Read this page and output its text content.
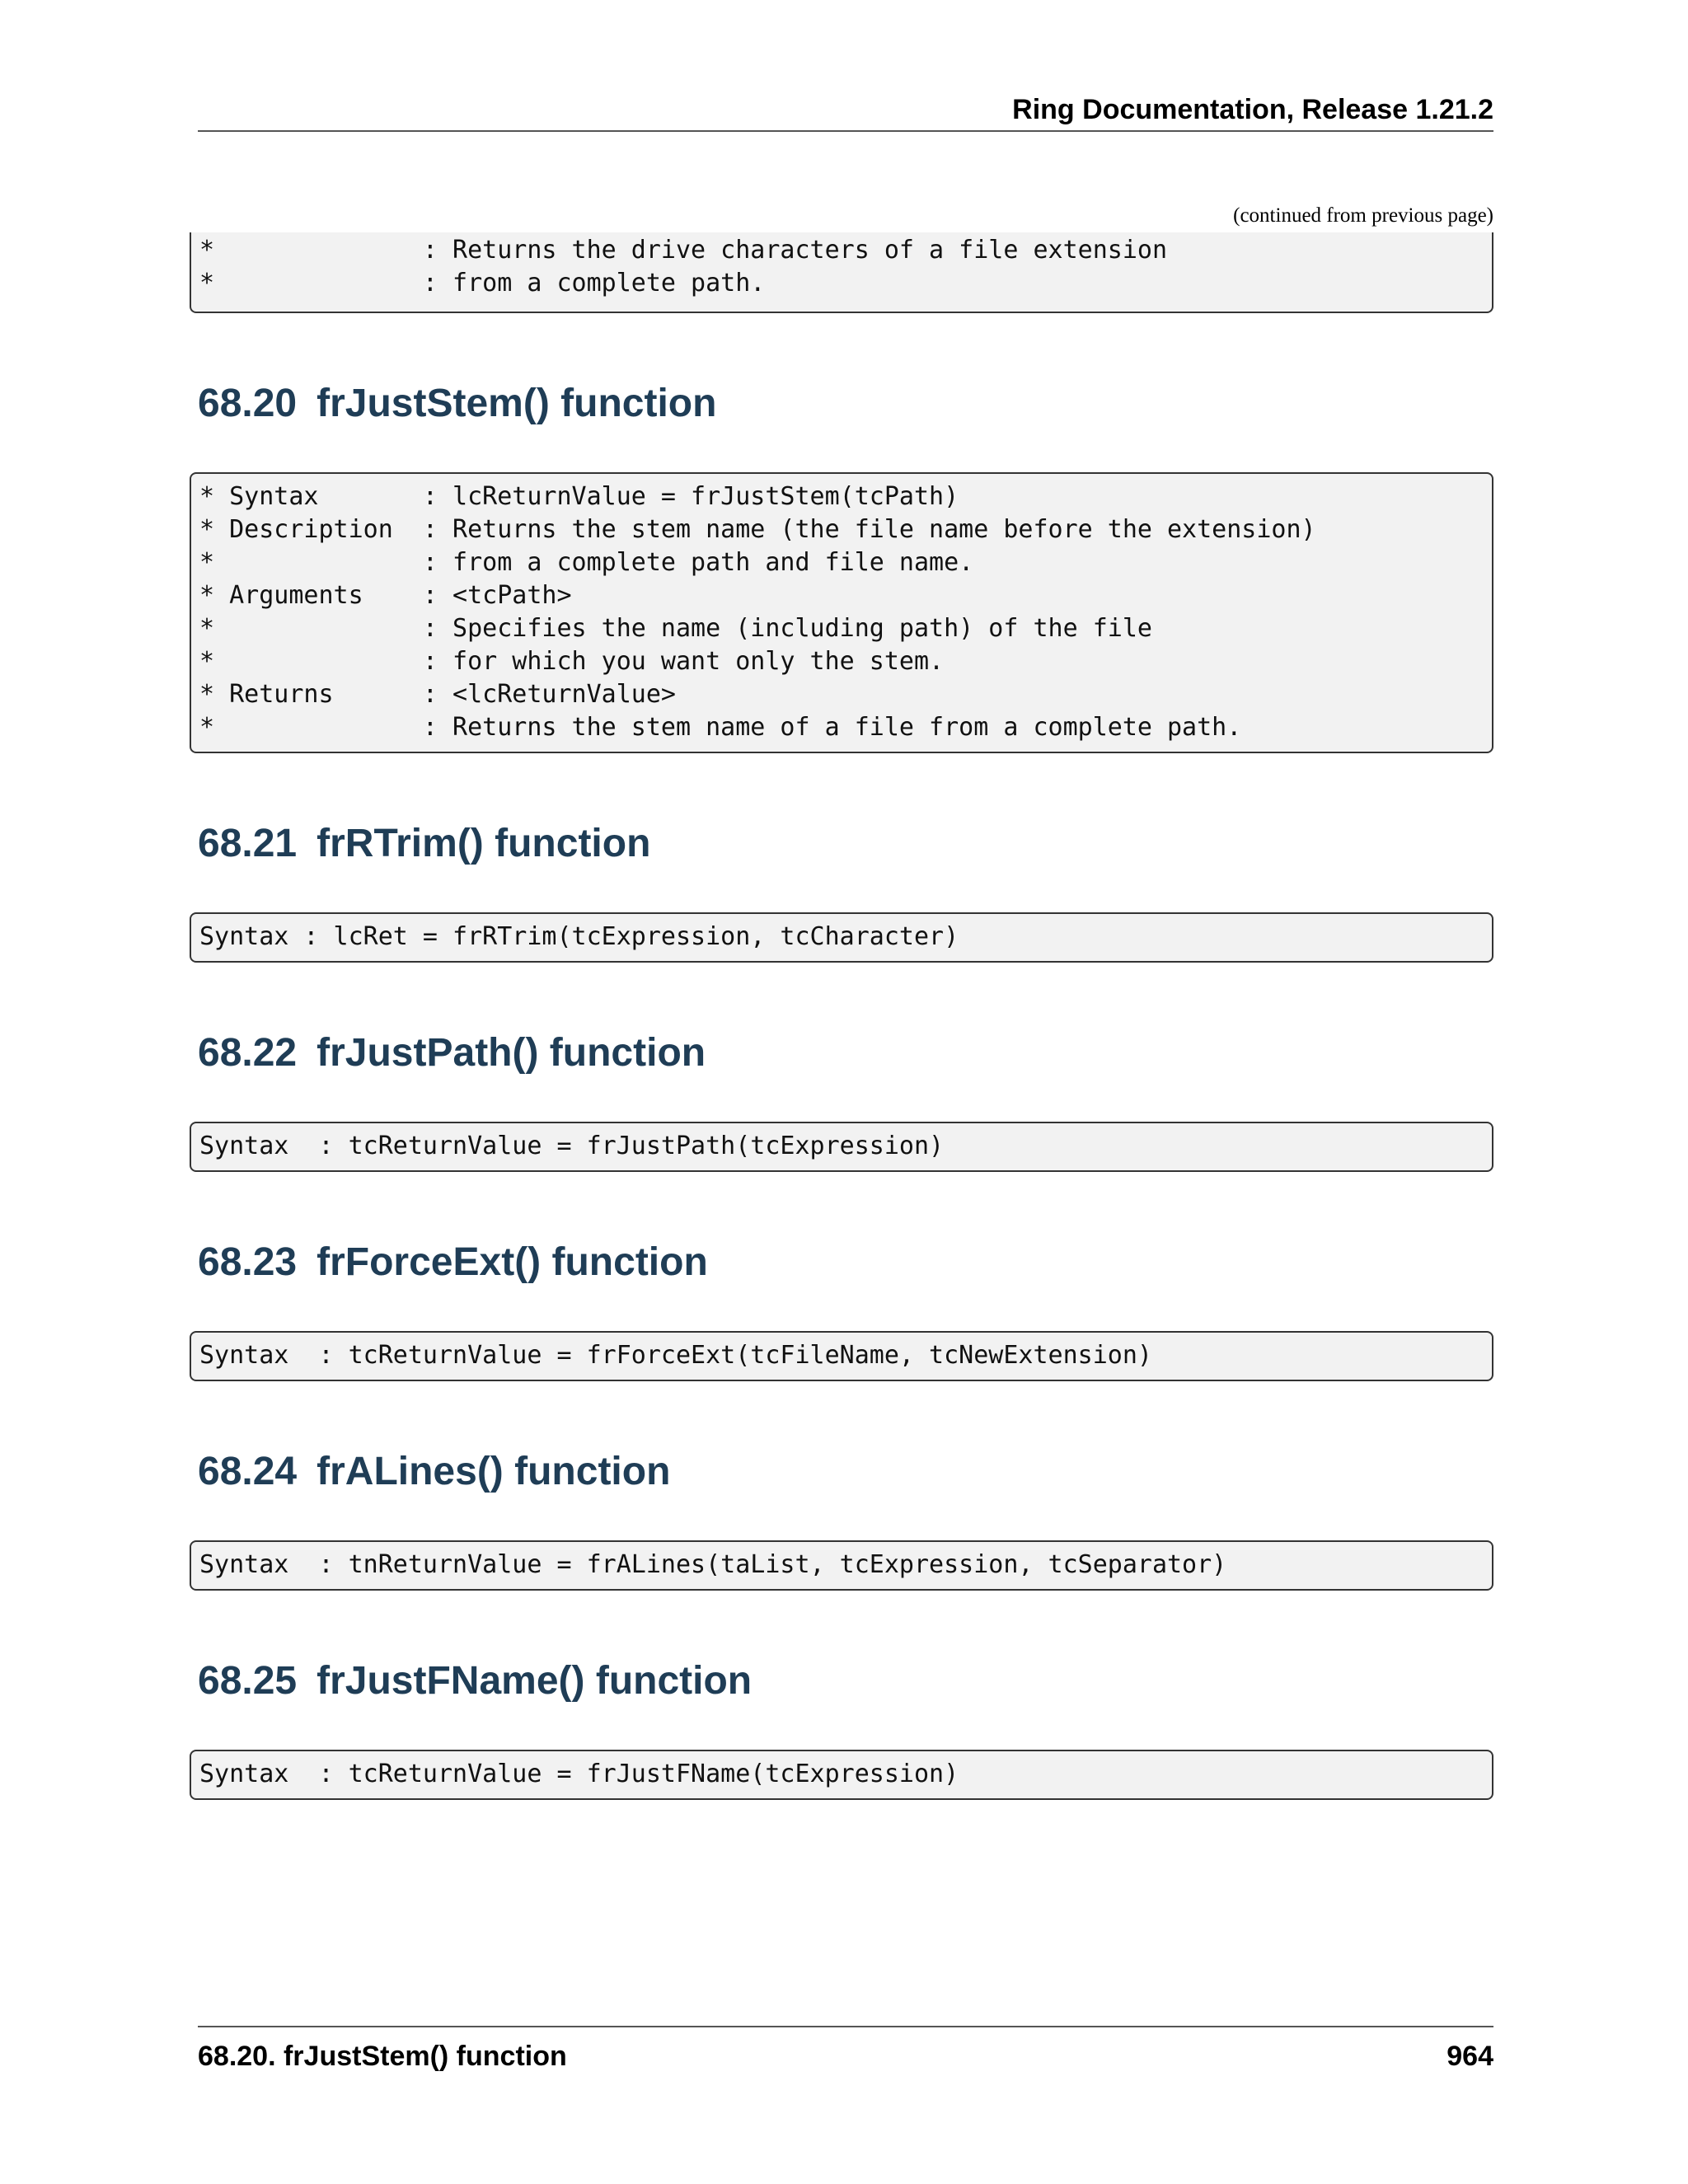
Ring Documentation, Release 1.21.2
(continued from previous page)
*              : Returns the drive characters of a file extension
*              : from a complete path.
68.20 frJustStem() function
* Syntax       : lcReturnValue = frJustStem(tcPath)
* Description  : Returns the stem name (the file name before the extension)
*              : from a complete path and file name.
* Arguments    : <tcPath>
*              : Specifies the name (including path) of the file
*              : for which you want only the stem.
* Returns      : <lcReturnValue>
*              : Returns the stem name of a file from a complete path.
68.21 frRTrim() function
Syntax : lcRet = frRTrim(tcExpression, tcCharacter)
68.22 frJustPath() function
Syntax  : tcReturnValue = frJustPath(tcExpression)
68.23 frForceExt() function
Syntax  : tcReturnValue = frForceExt(tcFileName, tcNewExtension)
68.24 frALines() function
Syntax  : tnReturnValue = frALines(taList, tcExpression, tcSeparator)
68.25 frJustFName() function
Syntax  : tcReturnValue = frJustFName(tcExpression)
68.20. frJustStem() function	964
